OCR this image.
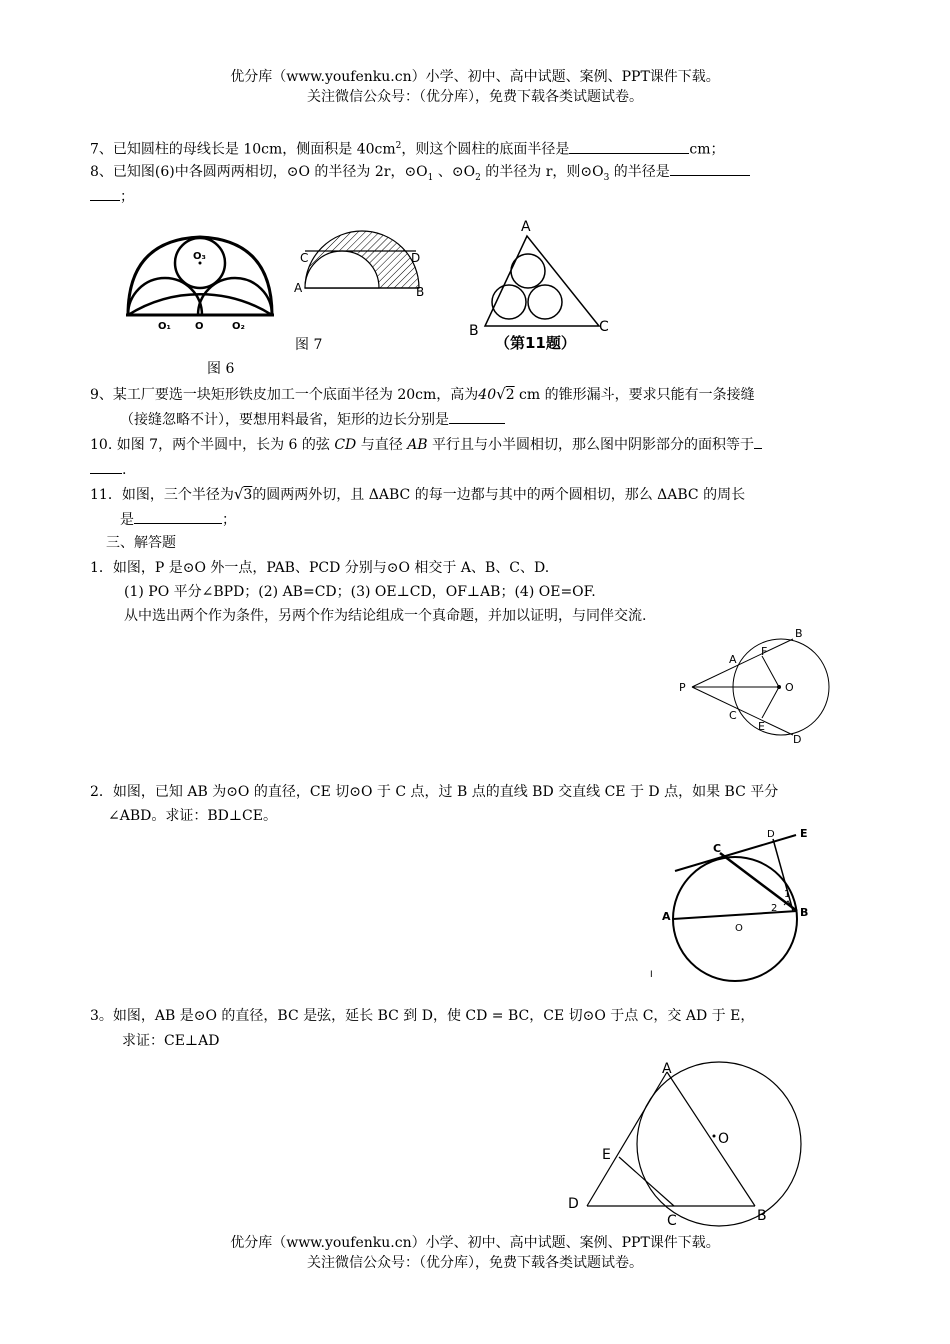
优分库（www.youfenku.cn）小学、初中、高中试题、案例、PPT课件下载。
关注微信公众号：（优分库），免费下载各类试题试卷。
7、已知圆柱的母线长是 10cm，侧面积是 $40cm^2$，则这个圆柱的底面半径是	cm；
8、已知图(6)中各圆两两相切，⊙O 的半径为 2r，$⊙O_1$ 、$⊙O_2$ 的半径为 r，则$⊙O_3$ 的半径是
；
O₃
O₁ O	O₂
图 6
C	D
A	B
图 7
A
B	C
（第11题）
9、某工厂要选一块矩形铁皮加工一个底面半径为 20cm，高为40√2 cm 的锥形漏斗，要求只能有一条接缝
（接缝忽略不计），要想用料最省，矩形的边长分别是
10. 如图 7，两个半圆中，长为 6 的弦 CD 与直径 AB 平行且与小半圆相切，那么图中阴影部分的面积等于
.
11．如图，三个半径为√3的圆两两外切，且 ΔABC 的每一边都与其中的两个圆相切，那么 ΔABC 的周长
是	；
三、解答题
1．如图，P 是⊙O 外一点，PAB、PCD 分别与⊙O 相交于 A、B、C、D.
(1) PO 平分∠BPD；(2) AB=CD；(3) OE⊥CD，OF⊥AB；(4) OE=OF.
从中选出两个作为条件，另两个作为结论组成一个真命题，并加以证明，与同伴交流.
B
A
F
P	O
C
E
D
2．如图，已知 AB 为⊙O 的直径，CE 切⊙O 于 C 点，过 B 点的直线 BD 交直线 CE 于 D 点，如果 BC 平分
∠ABD。求证：BD⊥CE。
D E
C
A
O
B
1
2
I
3。如图，AB 是⊙O 的直径，BC 是弦，延长 BC 到 D，使 CD = BC，CE 切⊙O 于点 C，交 AD 于 E，
求证：CE⊥AD
A
O
E
D
C	B
优分库（www.youfenku.cn）小学、初中、高中试题、案例、PPT课件下载。
关注微信公众号：（优分库），免费下载各类试题试卷。
